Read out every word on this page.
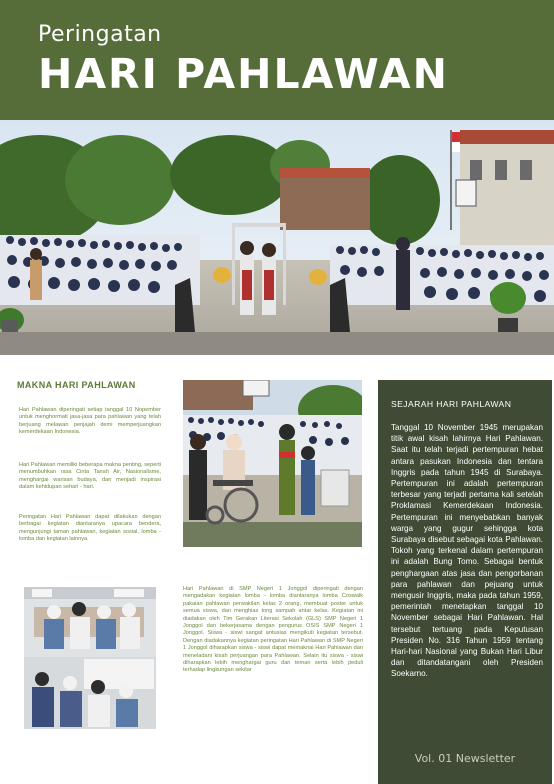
Peringatan
HARI PAHLAWAN
MAKNA HARI PAHLAWAN
Hari Pahlawan diperingati setiap tanggal 10 Nopember untuk menghormati jasa-jasa para pahlawan yang telah berjuang melawan penjajah demi memperjuangkan kemerdekaan Indonesia.
Hari Pahlawan memiliki beberapa makna penting, seperti menumbuhkan rasa Cinta Tanah Air, Nasionalisme, menghargai warisan budaya, dan menjadi inspirasi dalam kehidupan sehari - hari.
Peringatan Hari Pahlawan dapat dilakukan dengan berbagai kegiatan diantaranya upacara bendera, mengunjungi taman pahlawan, kegiatan sosial, lomba - lomba dan kegiatan lainnya.
Hari Pahlawan di SMP Negeri 1 Jonggol diperingati dengan mengadakan kegiatan lomba - lomba diantaranya lomba Coswalk pakaian pahlawan perwakilan kelas 2 orang, membuat poster untuk semua siswa, dan menghias tong sampah antar kelas. Kegiatan ini diadakan oleh Tim Gerakan Literasi Sekolah (GLS) SMP Negeri 1 Jonggol dan bekerjasama dengan pengurus OSIS SMP Negeri 1 Jonggol. Siswa - siswi sangat antusias mengikuti kegiatan tersebut. Dengan diadakannya kegiatan peringatan Hari Pahlawan di SMP Negeri 1 Jonggol diharapkan siswa - siswi dapat memaknai Hari Pahlawan dan meneladani kisah perjuangan para Pahlawan. Selain itu siswa - siswi diharapkan lebih menghargai guru dan teman serta lebih peduli terhadap lingkungan sekitar
SEJARAH HARI PAHLAWAN
Tanggal 10 November 1945 merupakan titik awal kisah lahirnya Hari Pahlawan. Saat itu telah terjadi pertempuran hebat antara pasukan Indonesia dan tentara Inggris pada tahun 1945 di Surabaya. Pertempuran ini adalah pertempuran terbesar yang terjadi pertama kali setelah Proklamasi Kemerdekaan Indonesia. Pertempuran ini menyebabkan banyak warga yang gugur sehingga kota Surabaya disebut sebagai kota Pahlawan. Tokoh yang terkenal dalam pertempuran ini adalah Bung Tomo. Sebagai bentuk penghargaan atas jasa dan pengorbanan para pahlawan dan pejuang untuk mengusir Inggris, maka pada tahun 1959, pemerintah menetapkan tanggal 10 November sebagai Hari Pahlawan. Hal tersebut tertuang pada Keputusan Presiden No. 316 Tahun 1959 tentang Hari-hari Nasional yang Bukan Hari Libur dan ditandatangani oleh Presiden Soekarno.
Vol. 01 Newsletter
